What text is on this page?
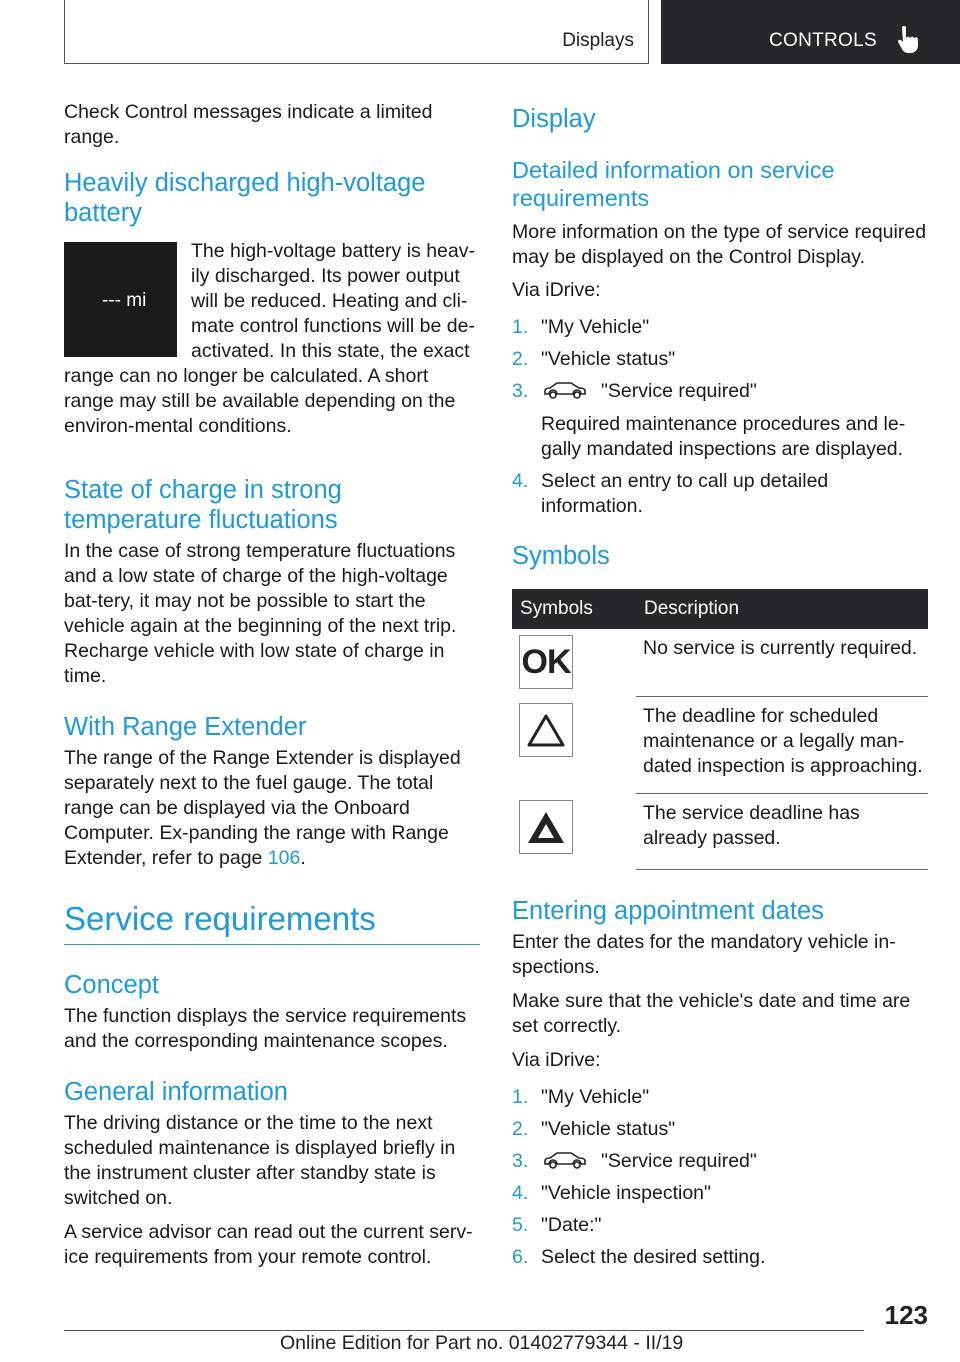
Displays	CONTROLS

Check Control messages indicate a limited range.

Heavily discharged high-voltage battery
--- mi

The high-voltage battery is heav‐ily discharged. Its power output will be reduced. Heating and cli‐mate control functions will be de‐activated. In this state, the exact range can no longer be calculated. A short range may still be available depending on the environ‐mental conditions.

State of charge in strong temperature fluctuations

In the case of strong temperature fluctuations and a low state of charge of the high-voltage bat‐tery, it may not be possible to start the vehicle again at the beginning of the next trip. Recharge vehicle with low state of charge in time.

With Range Extender

The range of the Range Extender is displayed separately next to the fuel gauge. The total range can be displayed via the Onboard Computer. Ex‐panding the range with Range Extender, refer to page 106.

Service requirements
Concept

The function displays the service requirements and the corresponding maintenance scopes.

General information

The driving distance or the time to the next scheduled maintenance is displayed briefly in the instrument cluster after standby state is switched on.

A service advisor can read out the current serv‐ice requirements from your remote control.

Display
Detailed information on service requirements

More information on the type of service required may be displayed on the Control Display.

Via iDrive:

1. "My Vehicle"
2. "Vehicle status"
3.	"Service required"
Required maintenance procedures and le‐gally mandated inspections are displayed.
4. Select an entry to call up detailed information.
Symbols
Symbols	Description

OK	No service is currently required.

	The deadline for scheduled maintenance or a legally man‐dated inspection is approaching.

	The service deadline has already passed.
Entering appointment dates

Enter the dates for the mandatory vehicle in‐spections.

Make sure that the vehicle's date and time are set correctly.

Via iDrive:

1. "My Vehicle"
2. "Vehicle status"
3.	"Service required"
4. "Vehicle inspection"
5. "Date:"
6. Select the desired setting.
123
Online Edition for Part no. 01402779344 - II/19
